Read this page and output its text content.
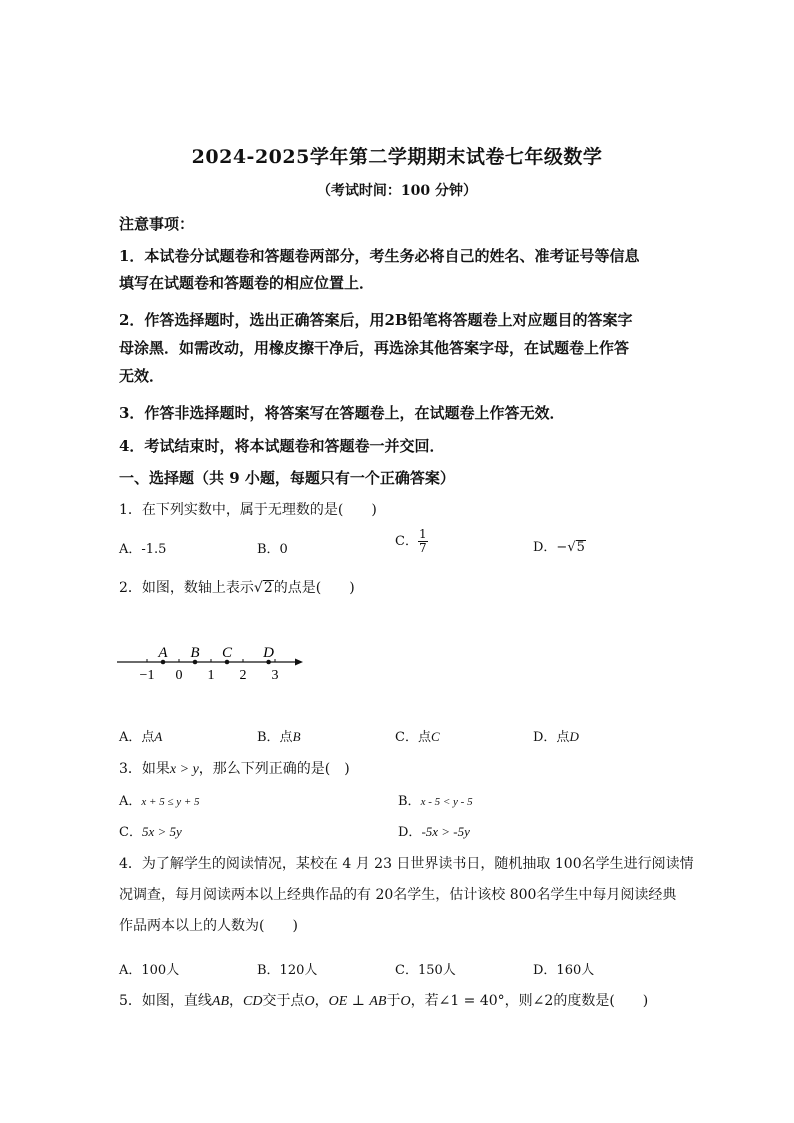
2024-2025学年第二学期期末试卷七年级数学
（考试时间：100 分钟）
注意事项：
1．本试卷分试题卷和答题卷两部分，考生务必将自己的姓名、准考证号等信息
填写在试题卷和答题卷的相应位置上．
2．作答选择题时，选出正确答案后，用2B铅笔将答题卷上对应题目的答案字
母涂黑．如需改动，用橡皮擦干净后，再选涂其他答案字母，在试题卷上作答
无效．
3．作答非选择题时，将答案写在答题卷上，在试题卷上作答无效．
4．考试结束时，将本试题卷和答题卷一并交回．
一、选择题（共 9 小题，每题只有一个正确答案）
1．在下列实数中，属于无理数的是(　　)
A．-1.5	B．0
C． $\frac{1}{7}$	D．−√5
2．如图，数轴上表示√2的点是(　　)
−1 0 1 2 3
A B C D
A．点A	B．点B	C．点C	D．点D
3．如果x > y，那么下列正确的是(　)
A．x + 5 ≤ y + 5	B．x - 5 < y - 5
C．5x > 5y	D．-5x > -5y
4．为了解学生的阅读情况，某校在 4 月 23 日世界读书日，随机抽取 100名学生进行阅读情
况调查，每月阅读两本以上经典作品的有 20名学生，估计该校 800名学生中每月阅读经典
作品两本以上的人数为(　　)
A．100人	B．120人	C．150人	D．160人
5．如图，直线AB，CD交于点O，OE ⊥ AB于O，若∠1 = 40°，则∠2的度数是(　　)
